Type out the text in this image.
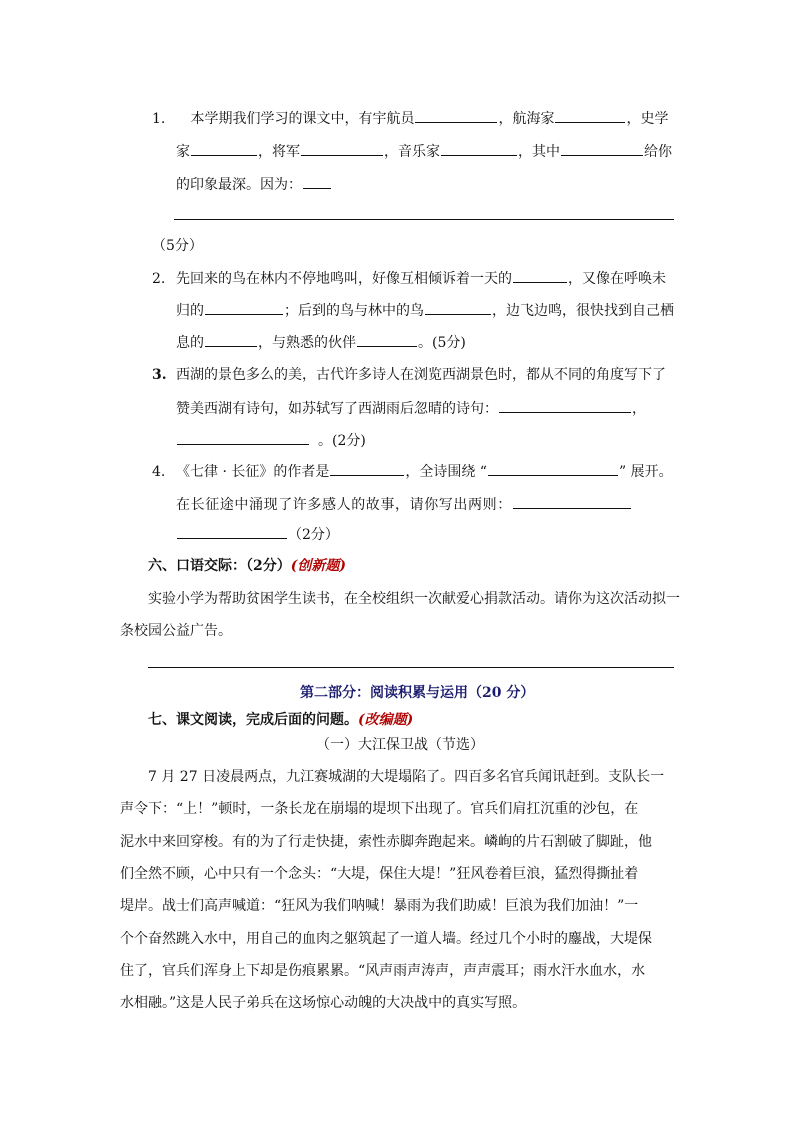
1. 本学期我们学习的课文中，有宇航员	，航海家	，史学
家	，将军	，音乐家	，其中	给你
的印象最深。因为：
（5分）
2. 先回来的鸟在林内不停地鸣叫，好像互相倾诉着一天的	，又像在呼唤未
归的	；后到的鸟与林中的鸟	，边飞边鸣，很快找到自己栖
息的	，与熟悉的伙伴	。(5分)
3. 西湖的景色多么的美，古代许多诗人在浏览西湖景色时，都从不同的角度写下了
赞美西湖有诗句，如苏轼写了西湖雨后忽晴的诗句：	，
。(2分)
4. 《七律 · 长征》的作者是	，全诗围绕 “	” 展开。
在长征途中涌现了许多感人的故事，请你写出两则：
（2分）
六、口语交际：（2分）(创新题)
实验小学为帮助贫困学生读书，在全校组织一次献爱心捐款活动。请你为这次活动拟一
条校园公益广告。
第二部分：阅读积累与运用（20 分）
七、课文阅读，完成后面的问题。(改编题)
（一）大江保卫战（节选）
7 月 27 日凌晨两点，九江赛城湖的大堤塌陷了。四百多名官兵闻讯赶到。支队长一
声令下：“上！”顿时，一条长龙在崩塌的堤坝下出现了。官兵们肩扛沉重的沙包，在
泥水中来回穿梭。有的为了行走快捷，索性赤脚奔跑起来。嶙峋的片石割破了脚趾，他
们全然不顾，心中只有一个念头：“大堤，保住大堤！”狂风卷着巨浪，猛烈得撕扯着
堤岸。战士们高声喊道：“狂风为我们呐喊！暴雨为我们助威！巨浪为我们加油！”一
个个奋然跳入水中，用自己的血肉之躯筑起了一道人墙。经过几个小时的鏖战，大堤保
住了，官兵们浑身上下却是伤痕累累。“风声雨声涛声，声声震耳；雨水汗水血水，水
水相融。”这是人民子弟兵在这场惊心动魄的大决战中的真实写照。
